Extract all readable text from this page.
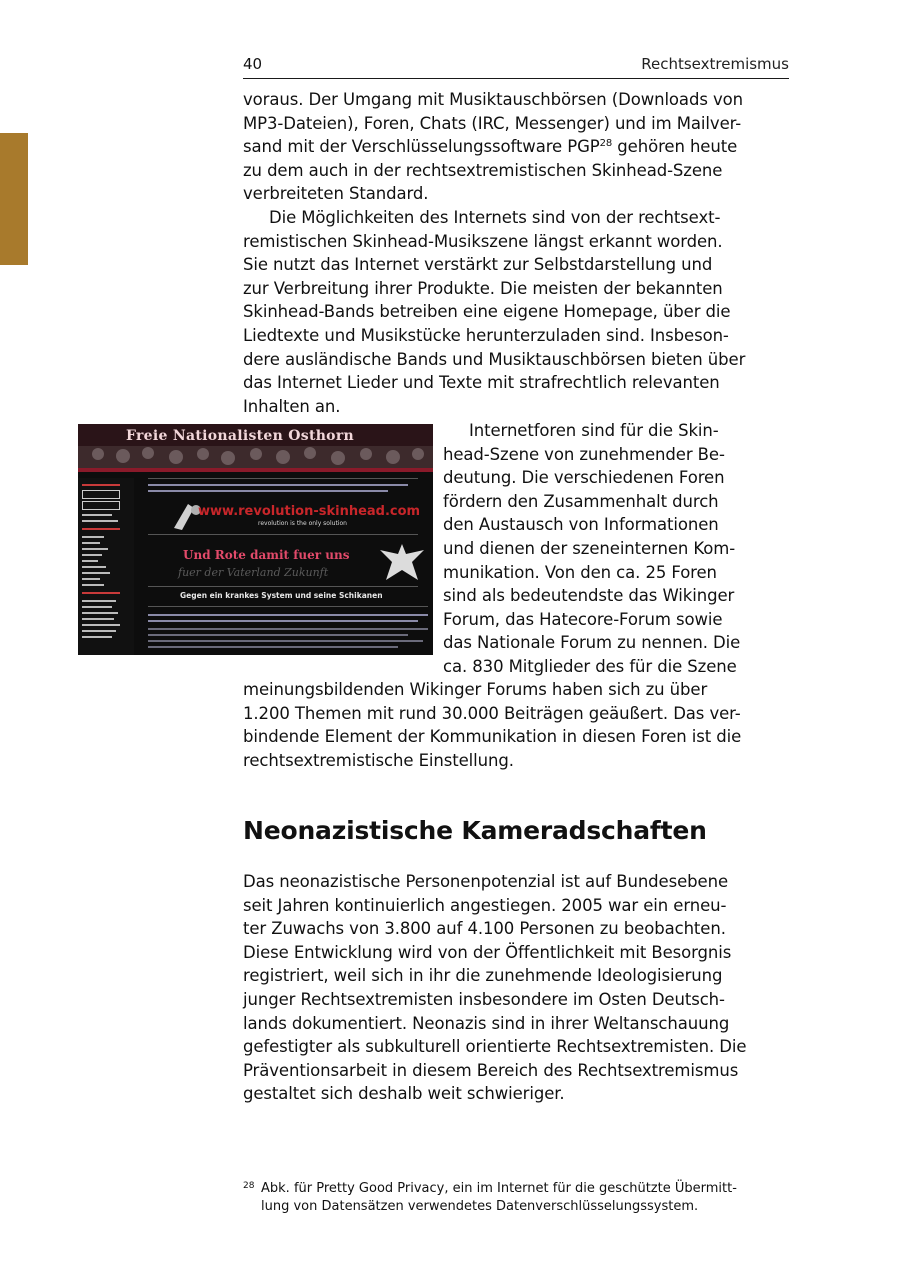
40	Rechtsextremismus

voraus. Der Umgang mit Musiktauschbörsen (Downloads von
MP3-Dateien), Foren, Chats (IRC, Messenger) und im Mailver-
sand mit der Verschlüsselungssoftware PGP$^{28}$ gehören heute
zu dem auch in der rechtsextremistischen Skinhead-Szene
verbreiteten Standard.

Die Möglichkeiten des Internets sind von der rechtsext-
remistischen Skinhead-Musikszene längst erkannt worden.
Sie nutzt das Internet verstärkt zur Selbstdarstellung und
zur Verbreitung ihrer Produkte. Die meisten der bekannten
Skinhead-Bands betreiben eine eigene Homepage, über die
Liedtexte und Musikstücke herunterzuladen sind. Insbeson-
dere ausländische Bands und Musiktauschbörsen bieten über
das Internet Lieder und Texte mit strafrechtlich relevanten
Inhalten an.

Freie Nationalisten Osthorn
www.revolution-skinhead.com
revolution is the only solution
Und Rote damit fuer uns
fuer der Vaterland Zukunft
Gegen ein krankes System und seine Schikanen

Internetforen sind für die Skin-
head-Szene von zunehmender Be-
deutung. Die verschiedenen Foren
fördern den Zusammenhalt durch
den Austausch von Informationen
und dienen der szeneinternen Kom-
munikation. Von den ca. 25 Foren
sind als bedeutendste das Wikinger
Forum, das Hatecore-Forum sowie
das Nationale Forum zu nennen. Die
ca. 830 Mitglieder des für die Szene

meinungsbildenden Wikinger Forums haben sich zu über
1.200 Themen mit rund 30.000 Beiträgen geäußert. Das ver-
bindende Element der Kommunikation in diesen Foren ist die
rechtsextremistische Einstellung.

Neonazistische Kameradschaften

Das neonazistische Personenpotenzial ist auf Bundesebene
seit Jahren kontinuierlich angestiegen. 2005 war ein erneu-
ter Zuwachs von 3.800 auf 4.100 Personen zu beobachten.
Diese Entwicklung wird von der Öffentlichkeit mit Besorgnis
registriert, weil sich in ihr die zunehmende Ideologisierung
junger Rechtsextremisten insbesondere im Osten Deutsch-
lands dokumentiert. Neonazis sind in ihrer Weltanschauung
gefestigter als subkulturell orientierte Rechtsextremisten. Die
Präventionsarbeit in diesem Bereich des Rechtsextremismus
gestaltet sich deshalb weit schwieriger.

28 Abk. für Pretty Good Privacy, ein im Internet für die geschützte Übermitt-
lung von Datensätzen verwendetes Datenverschlüsselungssystem.
